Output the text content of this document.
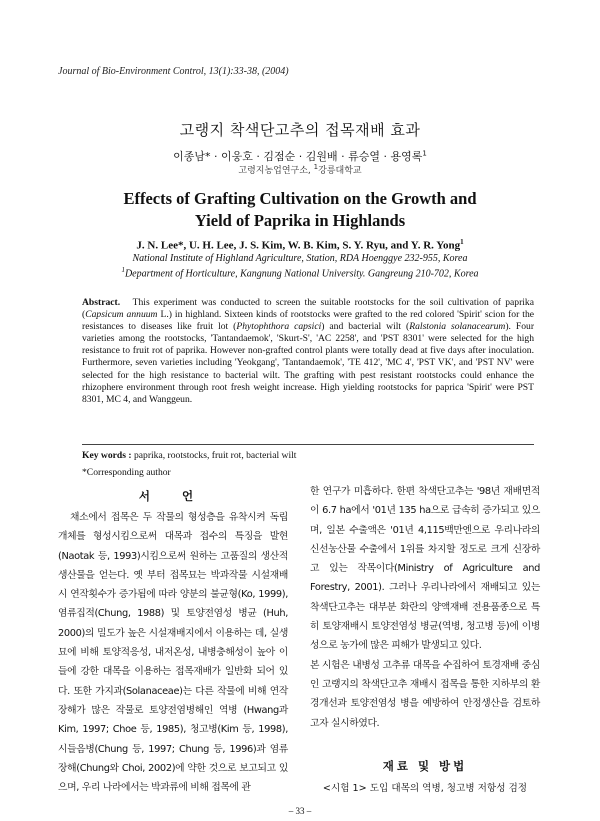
Journal of Bio-Environment Control, 13(1):33-38, (2004)
고랭지 착색단고추의 접목재배 효과
이종남* · 이웅호 · 김점순 · 김원배 · 류승열 · 용영록$^1$
고령지농업연구소, $^1$강릉대학교
Effects of Grafting Cultivation on the Growth and
Yield of Paprika in Highlands
J. N. Lee*, U. H. Lee, J. S. Kim, W. B. Kim, S. Y. Ryu, and Y. R. Yong$^1$
National Institute of Highland Agriculture, Station, RDA Hoenggye 232-955, Korea
$^1$Department of Horticulture, Kangnung National University. Gangreung 210-702, Korea
Abstract. This experiment was conducted to screen the suitable rootstocks for the soil cultivation of paprika (Capsicum annuum L.) in highland. Sixteen kinds of rootstocks were grafted to the red colored 'Spirit' scion for the resistances to diseases like fruit lot (Phytophthora capsici) and bacterial wilt (Ralstonia solanacearum). Four varieties among the rootstocks, 'Tantandaemok', 'Skurt-S', 'AC 2258', and 'PST 8301' were selected for the high resistance to fruit rot of paprika. However non-grafted control plants were totally dead at five days after inoculation. Furthermore, seven varieties including 'Yeokgang', 'Tantandaemok', 'TE 412', 'MC 4', 'PST VK', and 'PST NV' were selected for the high resistance to bacterial wilt. The grafting with pest resistant rootstocks could enhance the rhizophere environment through root fresh weight increase. High yielding rootstocks for paprica 'Spirit' were PST 8301, MC 4, and Wanggeun.
Key words : paprika, rootstocks, fruit rot, bacterial wilt
*Corresponding author
서 언

채소에서 접목은 두 작물의 형성층을 유착시켜 독립 개체를 형성시킴으로써 대목과 접수의 특징을 발현 (Naotak 등, 1993)시킴으로써 원하는 고품질의 생산적 생산물을 얻는다. 옛 부터 접목묘는 박과작물 시설재배 시 연작횟수가 증가됨에 따라 양분의 불균형(Ko, 1999), 염류집적(Chung, 1988) 및 토양전염성 병균 (Huh, 2000)의 밀도가 높은 시설재배지에서 이용하는 데, 실생묘에 비해 토양적응성, 내저온성, 내병충해성이 높아 이들에 강한 대목을 이용하는 접목재배가 일반화 되어 있다. 또한 가지과(Solanaceae)는 다른 작물에 비해 연작장해가 많은 작물로 토양전염병해인 역병 (Hwang과 Kim, 1997; Choe 등, 1985), 청고병(Kim 등, 1998), 시들음병(Chung 등, 1997; Chung 등, 1996)과 염류장해(Chung와 Choi, 2002)에 약한 것으로 보고되고 있으며, 우리 나라에서는 박과류에 비해 접목에 관

한 연구가 미흡하다. 한편 착색단고추는 '98년 재배면적이 6.7 ha에서 '01년 135 ha으로 급속히 증가되고 있으며, 일본 수출액은 '01년 4,115백만엔으로 우리나라의 신선농산물 수출에서 1위를 차지할 정도로 크게 신장하고 있는 작목이다(Ministry of Agriculture and Forestry, 2001). 그러나 우리나라에서 재배되고 있는 착색단고추는 대부분 화란의 양액재배 전용품종으로 특히 토양재배시 토양전염성 병균(역병, 청고병 등)에 이병성으로 농가에 많은 피해가 발생되고 있다.

본 시험은 내병성 고추류 대목을 수집하여 토경재배 중심인 고랭지의 착색단고추 재배시 접목을 통한 지하부의 환경개선과 토양전염성 병을 예방하여 안정생산을 검토하고자 실시하였다.

재료 및 방법
<시험 1> 도입 대목의 역병, 청고병 저항성 검정
– 33 –
